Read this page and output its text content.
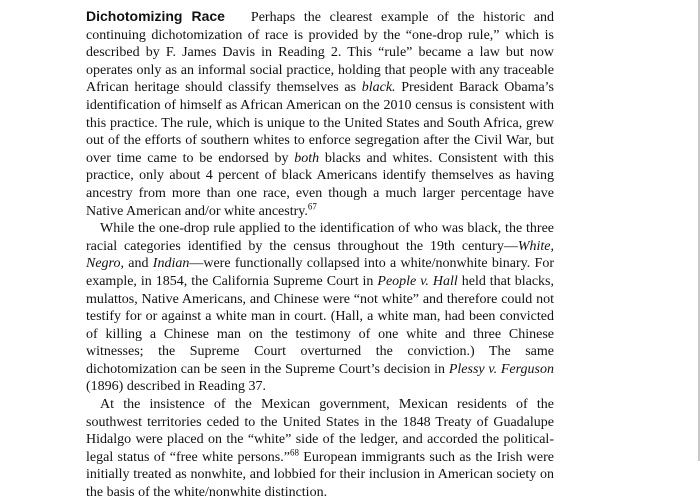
Dichotomizing Race Perhaps the clearest example of the historic and continuing dichotomization of race is provided by the “one-drop rule,” which is described by F. James Davis in Reading 2. This “rule” became a law but now operates only as an informal social practice, holding that people with any traceable African heritage should classify themselves as black. President Barack Obama’s identification of himself as African American on the 2010 census is consistent with this practice. The rule, which is unique to the United States and South Africa, grew out of the efforts of southern whites to enforce segregation after the Civil War, but over time came to be endorsed by both blacks and whites. Consistent with this practice, only about 4 percent of black Americans identify themselves as having ancestry from more than one race, even though a much larger percentage have Native American and/or white ancestry.$^{67}$

While the one-drop rule applied to the identification of who was black, the three racial categories identified by the census throughout the 19th century—White, Negro, and Indian—were functionally collapsed into a white/nonwhite binary. For example, in 1854, the California Supreme Court in People v. Hall held that blacks, mulattos, Native Americans, and Chinese were “not white” and therefore could not testify for or against a white man in court. (Hall, a white man, had been convicted of killing a Chinese man on the testimony of one white and three Chinese witnesses; the Supreme Court overturned the conviction.) The same dichotomization can be seen in the Supreme Court’s decision in Plessy v. Ferguson (1896) described in Reading 37.

At the insistence of the Mexican government, Mexican residents of the southwest territories ceded to the United States in the 1848 Treaty of Guadalupe Hidalgo were placed on the “white” side of the ledger, and accorded the political-legal status of “free white persons.”$^{68}$ European immigrants such as the Irish were initially treated as nonwhite, and lobbied for their inclusion in American society on the basis of the white/nonwhite distinction.
